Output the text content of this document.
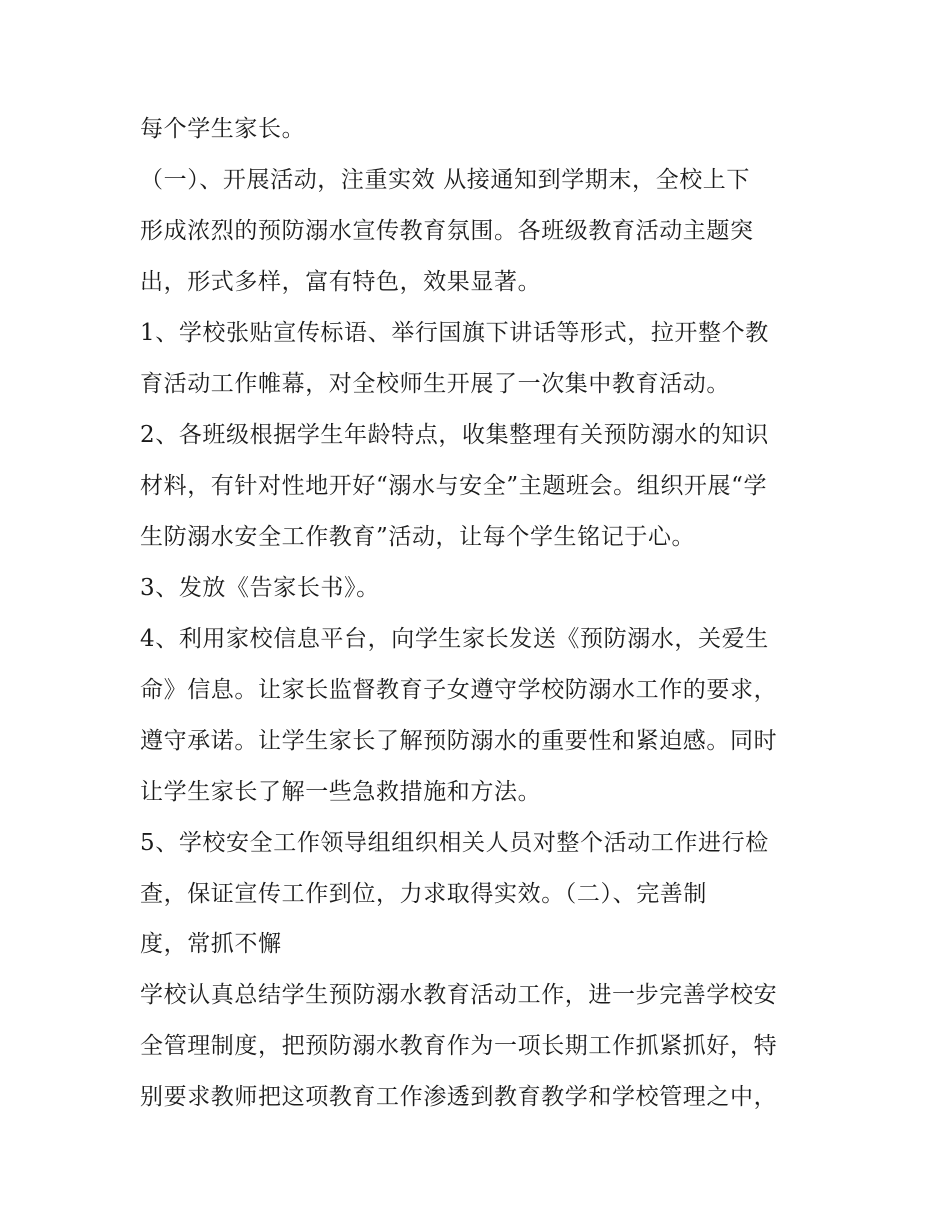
每个学生家长。
（一）、开展活动，注重实效 从接通知到学期末，全校上下
形成浓烈的预防溺水宣传教育氛围。各班级教育活动主题突
出，形式多样，富有特色，效果显著。
1、学校张贴宣传标语、举行国旗下讲话等形式，拉开整个教
育活动工作帷幕，对全校师生开展了一次集中教育活动。
2、各班级根据学生年龄特点，收集整理有关预防溺水的知识
材料，有针对性地开好“溺水与安全”主题班会。组织开展“学
生防溺水安全工作教育”活动，让每个学生铭记于心。
3、发放《告家长书》。
4、利用家校信息平台，向学生家长发送《预防溺水，关爱生
命》信息。让家长监督教育子女遵守学校防溺水工作的要求，
遵守承诺。让学生家长了解预防溺水的重要性和紧迫感。同时
让学生家长了解一些急救措施和方法。
5、学校安全工作领导组组织相关人员对整个活动工作进行检
查，保证宣传工作到位，力求取得实效。（二）、完善制
度，常抓不懈
学校认真总结学生预防溺水教育活动工作，进一步完善学校安
全管理制度，把预防溺水教育作为一项长期工作抓紧抓好，特
别要求教师把这项教育工作渗透到教育教学和学校管理之中，
